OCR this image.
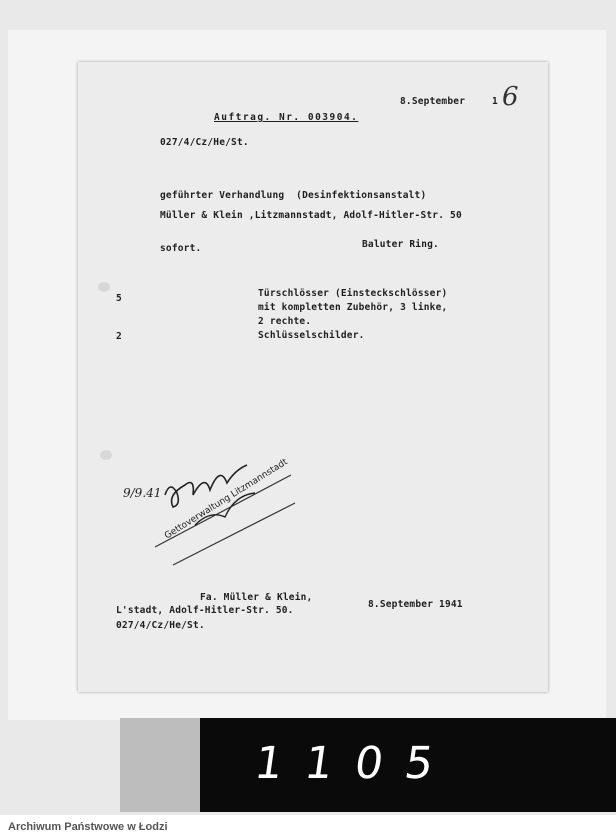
8.September	1 6
Auftrag. Nr. 003904.
027/4/Cz/He/St.
geführter Verhandlung  (Desinfektionsanstalt)
Müller & Klein ,Litzmannstadt, Adolf-Hitler-Str. 50
sofort.	Baluter Ring.
5	Türschlösser (Einsteckschlösser)
mit kompletten Zubehör, 3 linke,
2 rechte.
2	Schlüsselschilder.
9/9.41 Gettoverwaltung Litzmannstadt
Fa. Müller & Klein,
L'stadt, Adolf-Hitler-Str. 50.
027/4/Cz/He/St.
8.September 1941
1105
Archiwum Państwowe w Łodzi
